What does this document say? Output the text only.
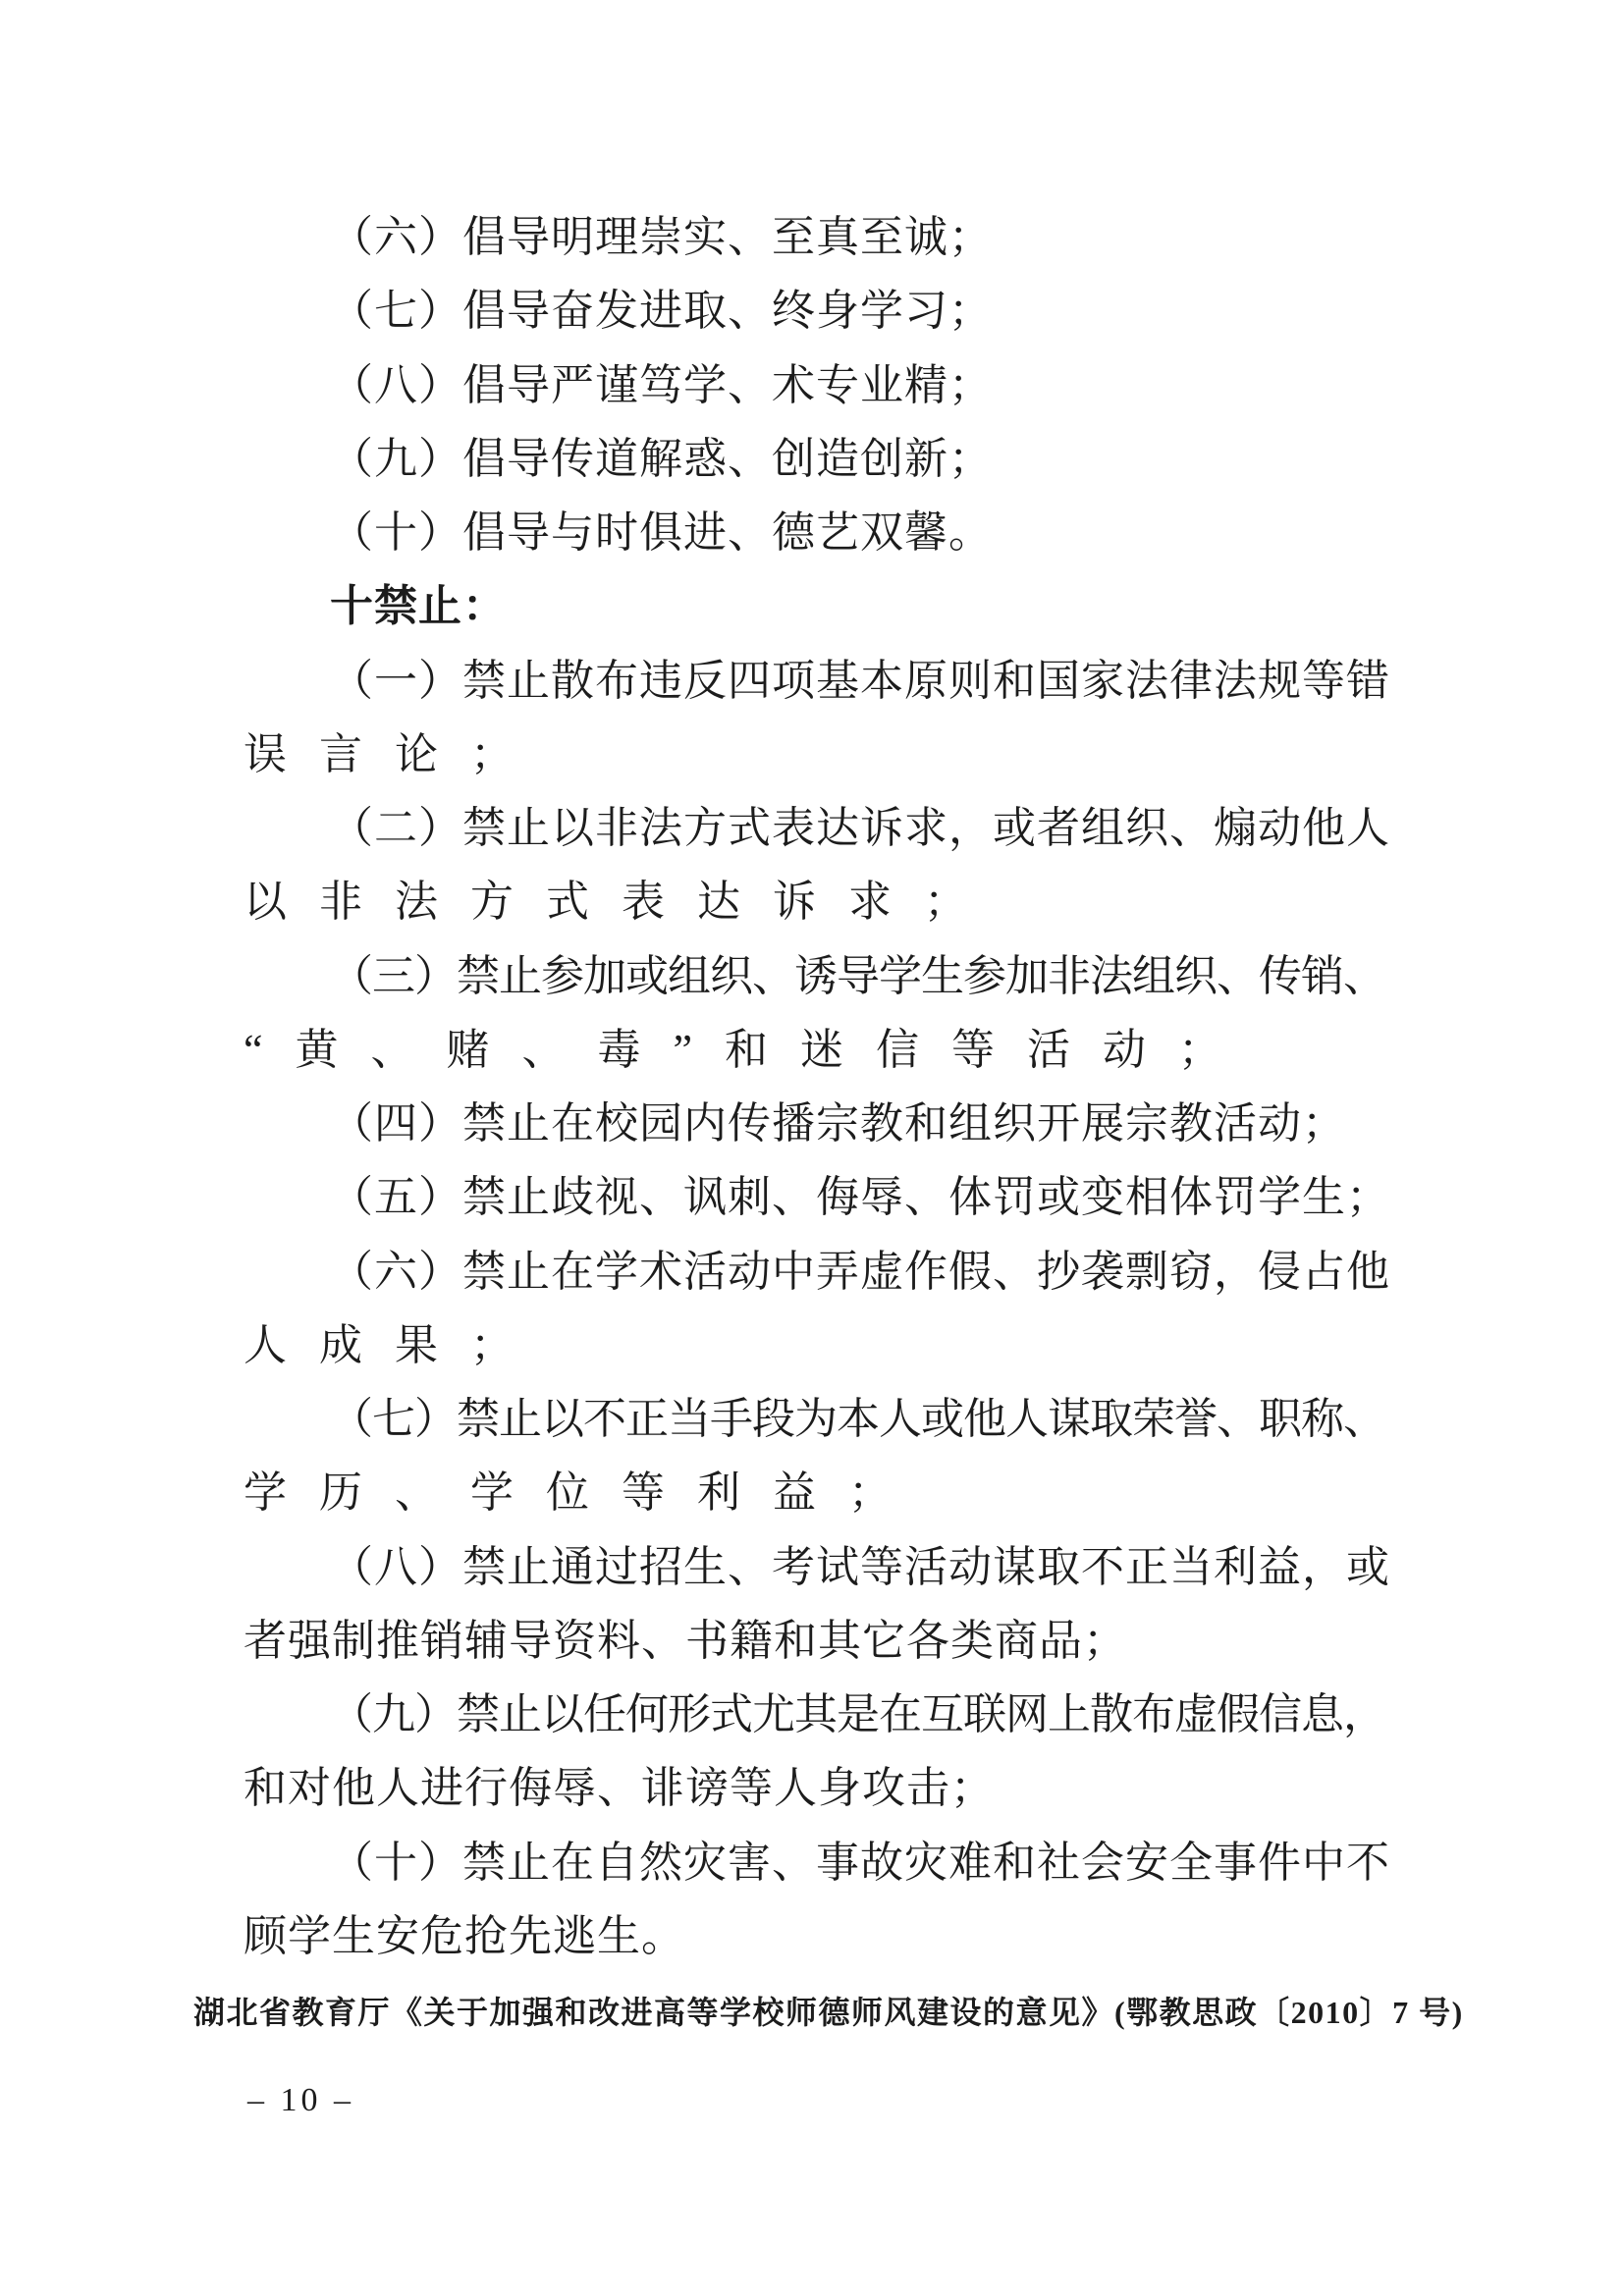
（六）倡导明理崇实、至真至诚；
（七）倡导奋发进取、终身学习；
（八）倡导严谨笃学、术专业精；
（九）倡导传道解惑、创造创新；
（十）倡导与时俱进、德艺双馨。
十禁止：
（一）禁止散布违反四项基本原则和国家法律法规等错
误言论；
（二）禁止以非法方式表达诉求，或者组织、煽动他人
以非法方式表达诉求；
（三）禁止参加或组织、诱导学生参加非法组织、传销、
“黄、赌、毒”和迷信等活动；
（四）禁止在校园内传播宗教和组织开展宗教活动；
（五）禁止歧视、讽刺、侮辱、体罚或变相体罚学生；
（六）禁止在学术活动中弄虚作假、抄袭剽窃，侵占他
人成果；
（七）禁止以不正当手段为本人或他人谋取荣誉、职称、
学历、学位等利益；
（八）禁止通过招生、考试等活动谋取不正当利益，或
者强制推销辅导资料、书籍和其它各类商品；
（九）禁止以任何形式尤其是在互联网上散布虚假信息，
和对他人进行侮辱、诽谤等人身攻击；
（十）禁止在自然灾害、事故灾难和社会安全事件中不
顾学生安危抢先逃生。
湖北省教育厅《关于加强和改进高等学校师德师风建设的意见》(鄂教思政〔2010〕7 号)
– 10 –
